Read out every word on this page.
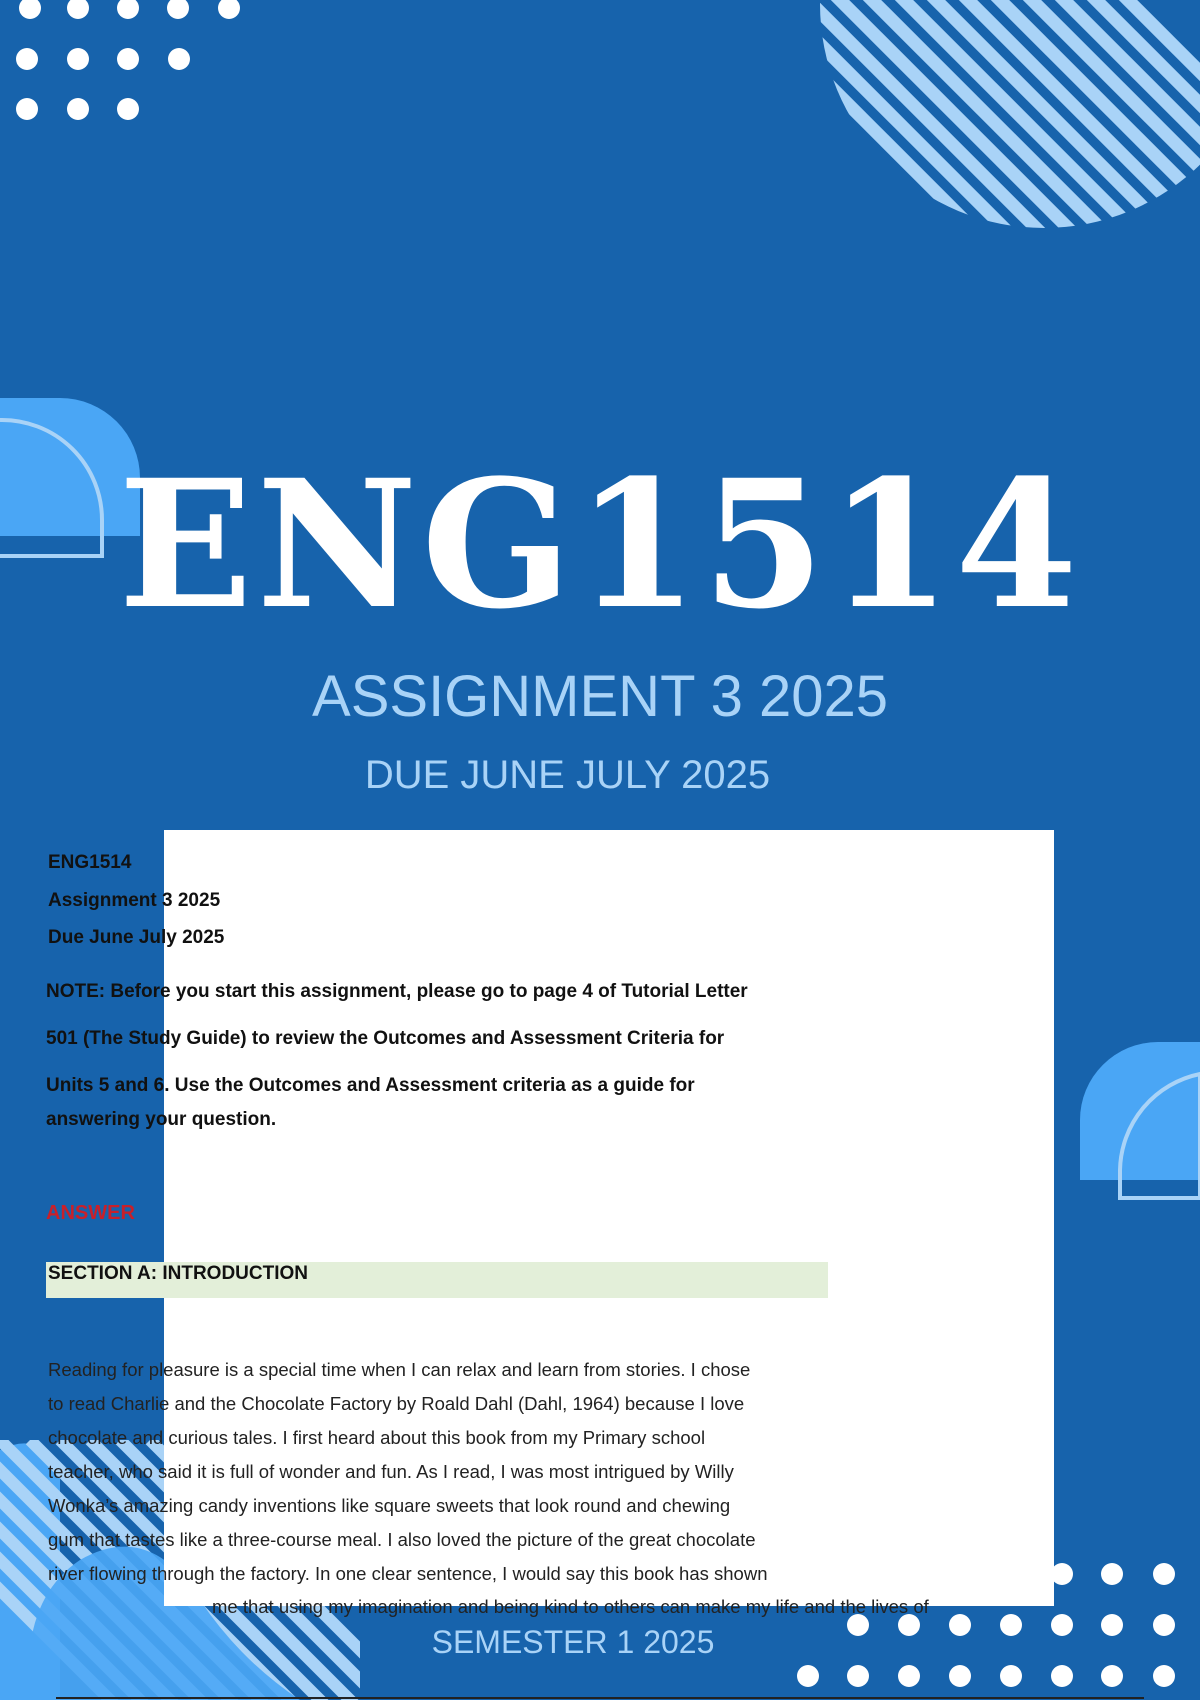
ENG1514
ASSIGNMENT 3 2025

DUE JUNE JULY 2025

ENG1514
Assignment 3 2025
Due June July 2025
NOTE: Before you start this assignment, please go to page 4 of Tutorial Letter
501 (The Study Guide) to review the Outcomes and Assessment Criteria for
Units 5 and 6. Use the Outcomes and Assessment criteria as a guide for
answering your question.
ANSWER
SECTION A: INTRODUCTION
Reading for pleasure is a special time when I can relax and learn from stories. I chose
to read Charlie and the Chocolate Factory by Roald Dahl (Dahl, 1964) because I love
chocolate and curious tales. I first heard about this book from my Primary school
teacher, who said it is full of wonder and fun. As I read, I was most intrigued by Willy
Wonka’s amazing candy inventions like square sweets that look round and chewing
gum that tastes like a three-course meal. I also loved the picture of the great chocolate
river flowing through the factory. In one clear sentence, I would say this book has shown
me that using my imagination and being kind to others can make my life and the lives of
SEMESTER 1 2025
